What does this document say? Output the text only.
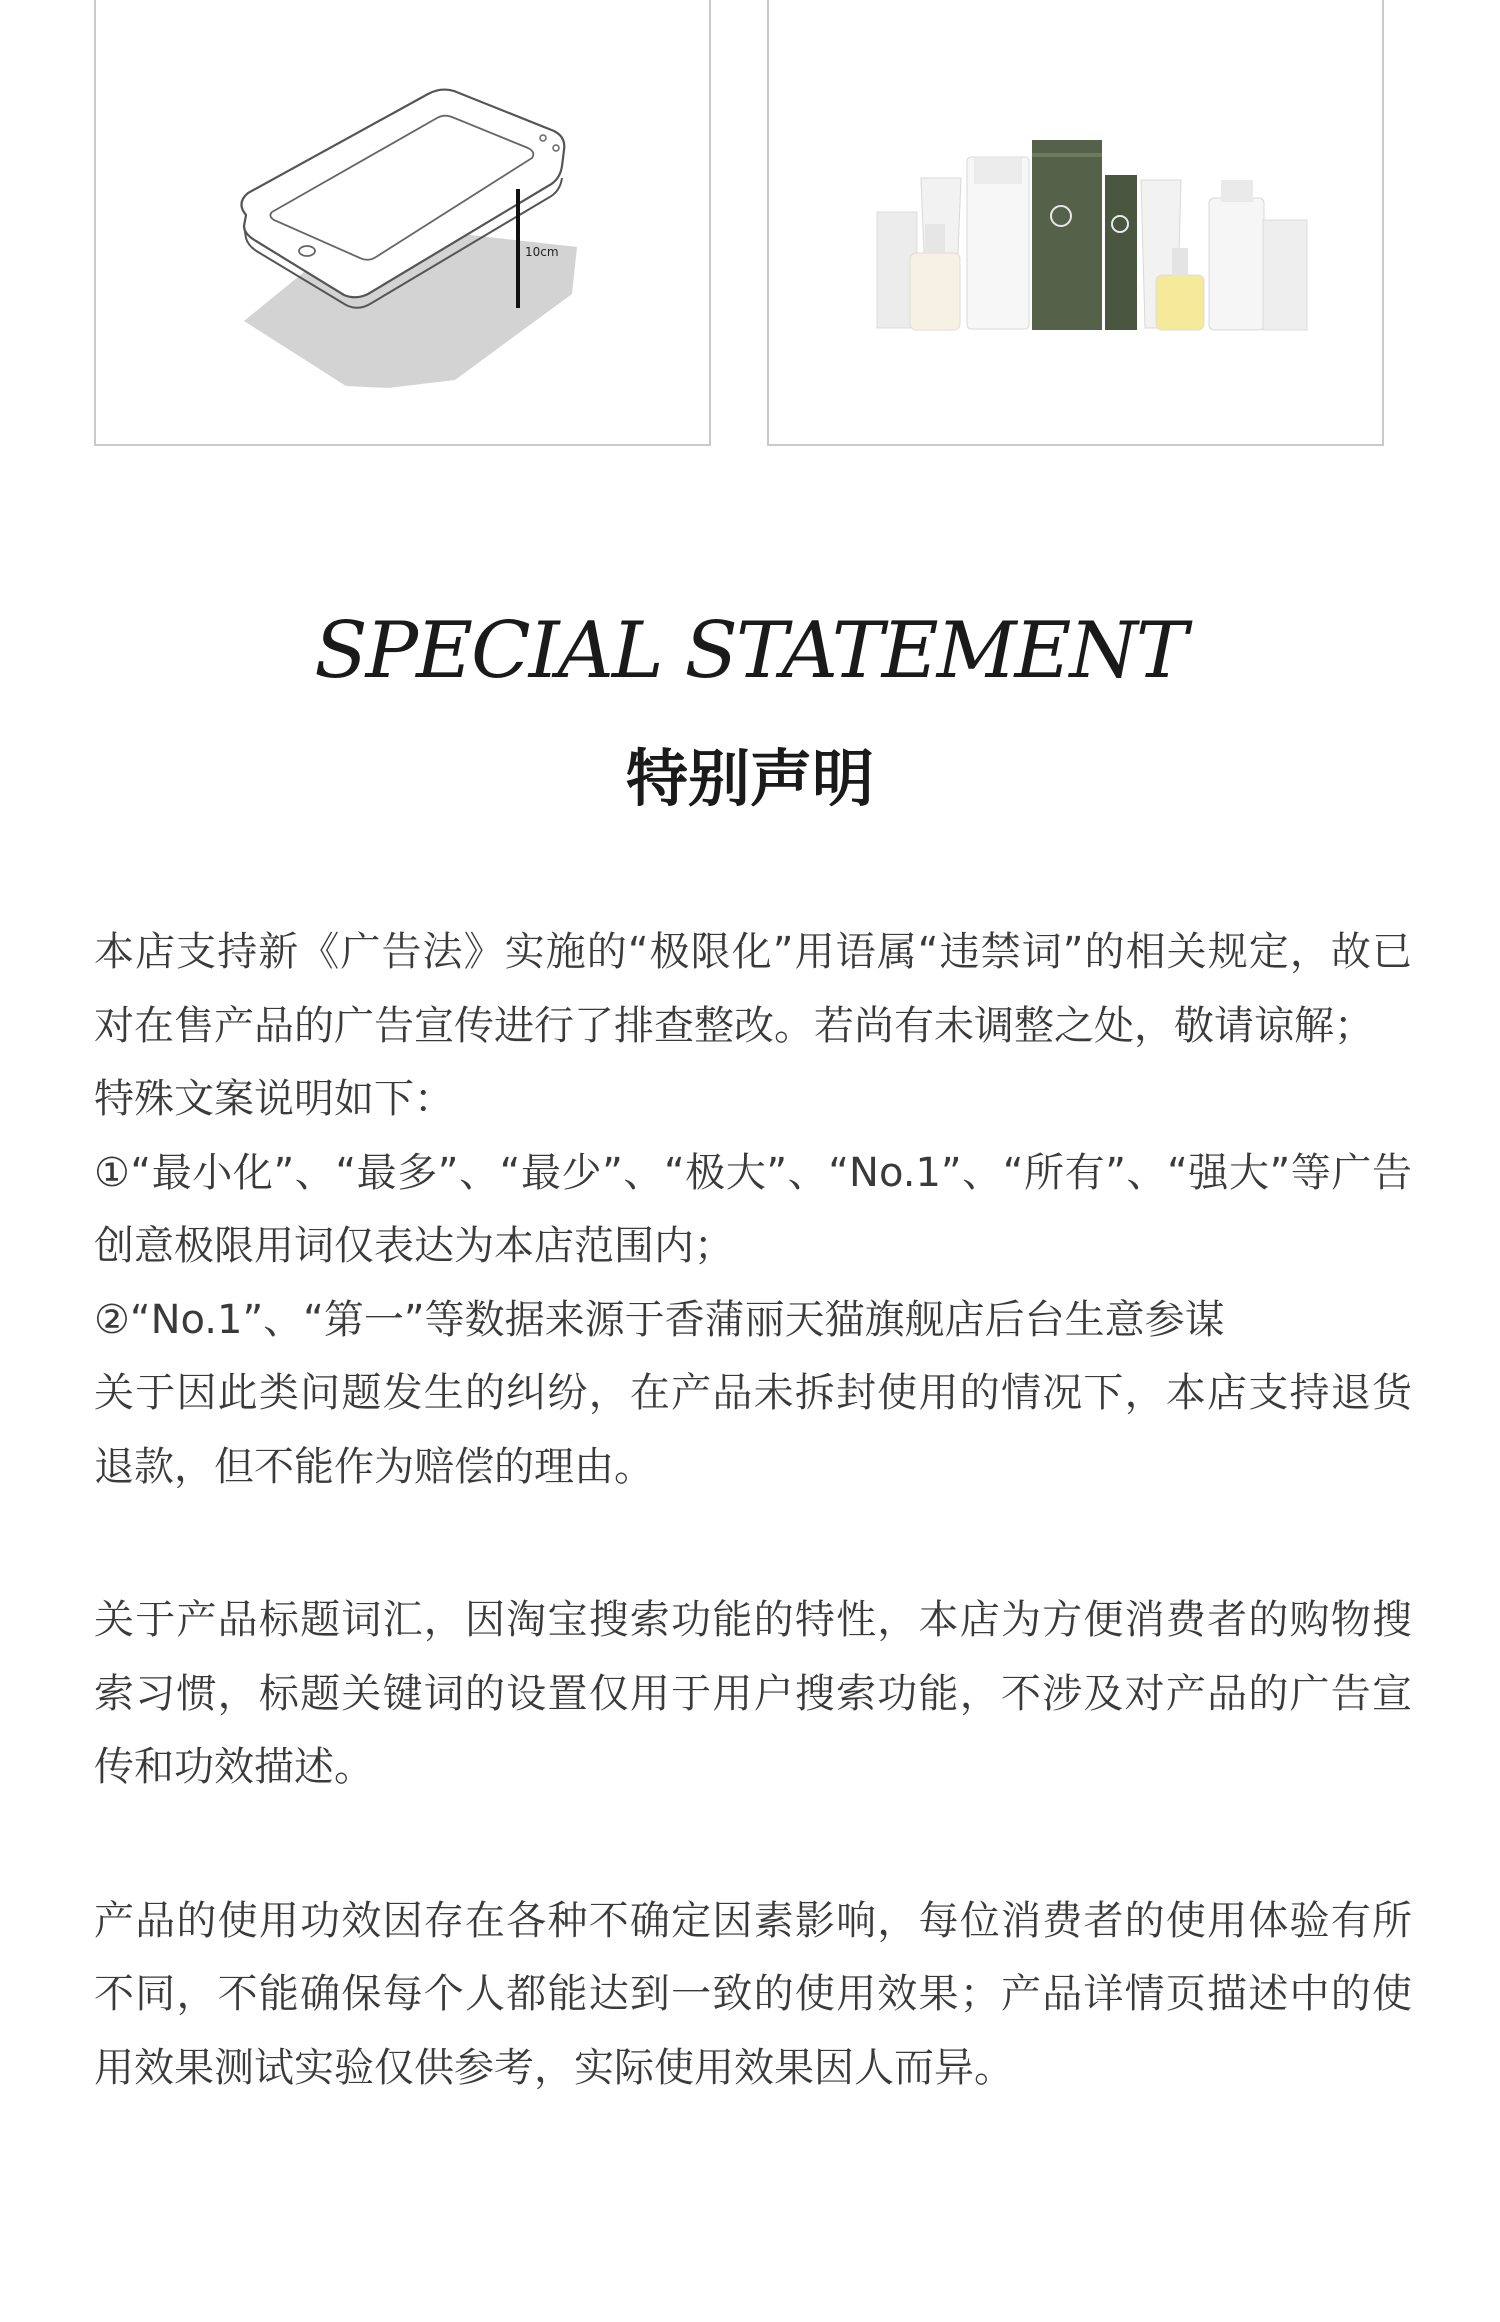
10cm
SPECIAL STATEMENT
特别声明

本店支持新《广告法》实施的“极限化”用语属“违禁词”的相关规定，故已对在售产品的广告宣传进行了排查整改。若尚有未调整之处，敬请谅解；

特殊文案说明如下：

①“最小化”、“最多”、“最少”、“极大”、“No.1”、“所有”、“强大”等广告创意极限用词仅表达为本店范围内；

②“No.1”、“第一”等数据来源于香蒲丽天猫旗舰店后台生意参谋

关于因此类问题发生的纠纷，在产品未拆封使用的情况下，本店支持退货退款，但不能作为赔偿的理由。

关于产品标题词汇，因淘宝搜索功能的特性，本店为方便消费者的购物搜索习惯，标题关键词的设置仅用于用户搜索功能，不涉及对产品的广告宣传和功效描述。

产品的使用功效因存在各种不确定因素影响，每位消费者的使用体验有所不同，不能确保每个人都能达到一致的使用效果；产品详情页描述中的使用效果测试实验仅供参考，实际使用效果因人而异。
